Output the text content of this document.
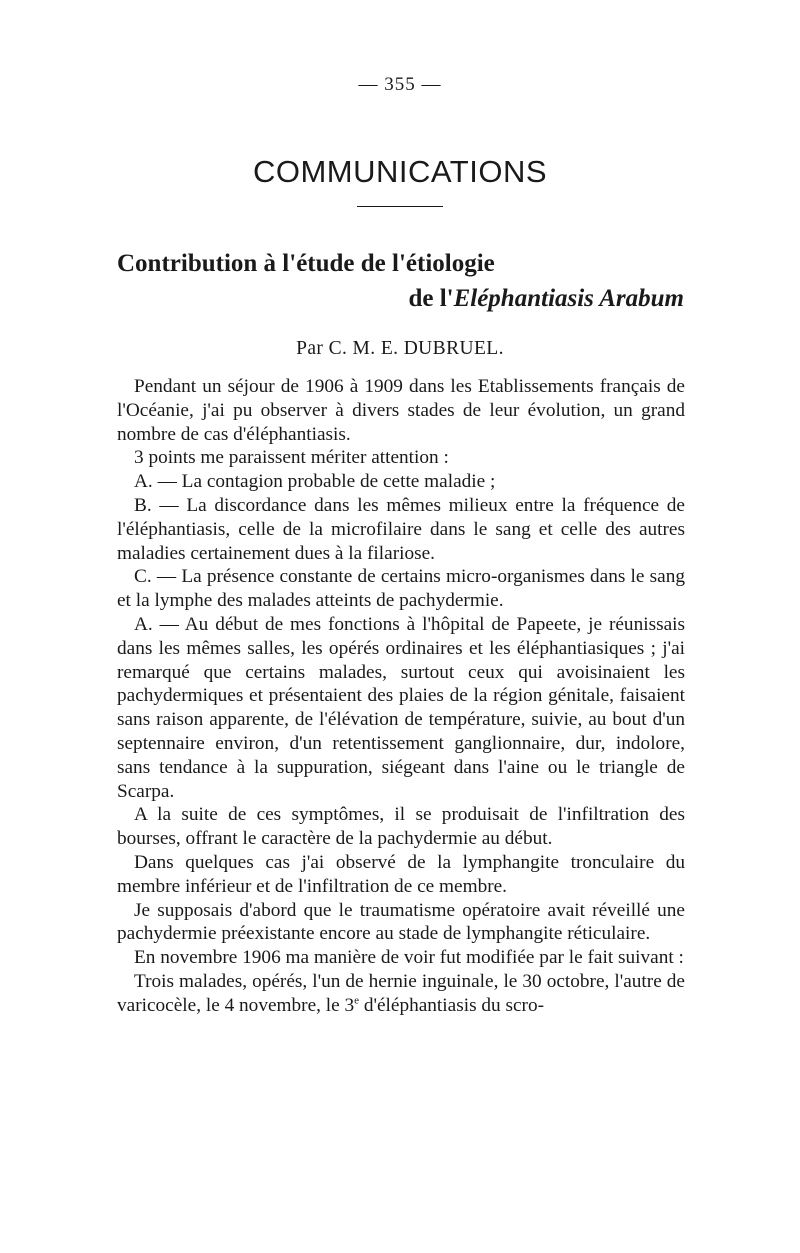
— 355 —
COMMUNICATIONS
Contribution à l'étude de l'étiologie
de l'Eléphantiasis Arabum
Par C. M. E. DUBRUEL.

Pendant un séjour de 1906 à 1909 dans les Etablissements français de l'Océanie, j'ai pu observer à divers stades de leur évolution, un grand nombre de cas d'éléphantiasis.

3 points me paraissent mériter attention :

A. — La contagion probable de cette maladie ;

B. — La discordance dans les mêmes milieux entre la fréquence de l'éléphantiasis, celle de la microfilaire dans le sang et celle des autres maladies certainement dues à la filariose.

C. — La présence constante de certains micro-organismes dans le sang et la lymphe des malades atteints de pachydermie.

A. — Au début de mes fonctions à l'hôpital de Papeete, je réunissais dans les mêmes salles, les opérés ordinaires et les éléphantiasiques ; j'ai remarqué que certains malades, surtout ceux qui avoisinaient les pachydermiques et présentaient des plaies de la région génitale, faisaient sans raison apparente, de l'élévation de température, suivie, au bout d'un septennaire environ, d'un retentissement ganglionnaire, dur, indolore, sans tendance à la suppuration, siégeant dans l'aine ou le triangle de Scarpa.

A la suite de ces symptômes, il se produisait de l'infiltration des bourses, offrant le caractère de la pachydermie au début.

Dans quelques cas j'ai observé de la lymphangite tronculaire du membre inférieur et de l'infiltration de ce membre.

Je supposais d'abord que le traumatisme opératoire avait réveillé une pachydermie préexistante encore au stade de lymphangite réticulaire.

En novembre 1906 ma manière de voir fut modifiée par le fait suivant :

Trois malades, opérés, l'un de hernie inguinale, le 30 octobre, l'autre de varicocèle, le 4 novembre, le 3e d'éléphantiasis du scro-
